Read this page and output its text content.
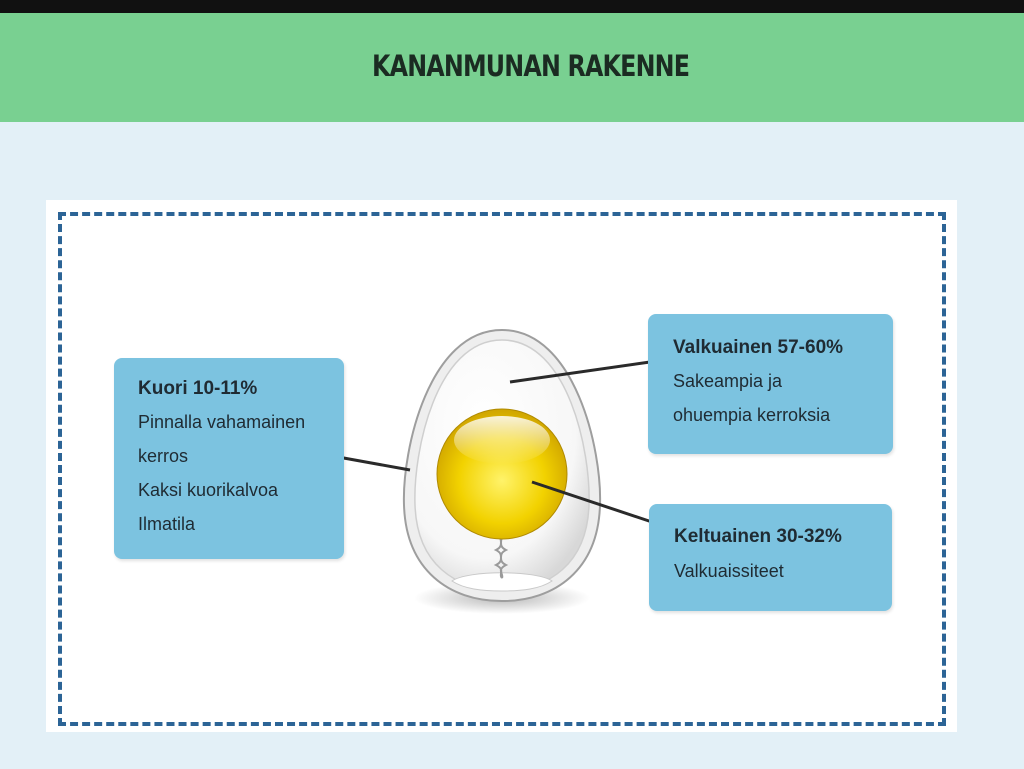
KANANMUNAN RAKENNE
Kuori 10-11%
Pinnalla vahamainen
kerros
Kaksi kuorikalvoa
Ilmatila
Valkuainen 57-60%
Sakeampia ja
ohuempia kerroksia
Keltuainen 30-32%
Valkuaissiteet
